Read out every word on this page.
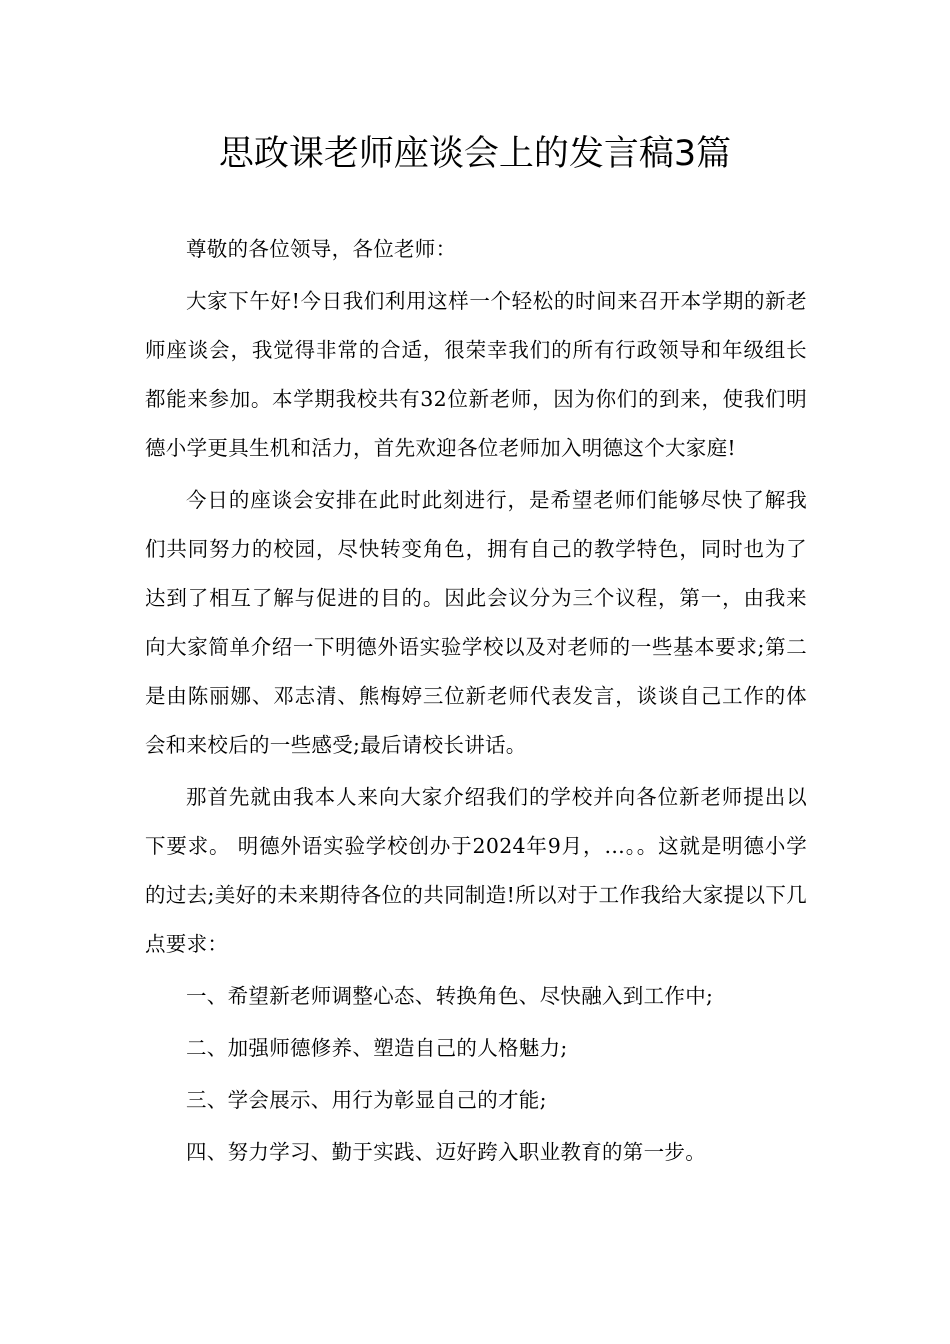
思政课老师座谈会上的发言稿3篇

尊敬的各位领导，各位老师：

大家下午好!今日我们利用这样一个轻松的时间来召开本学期的新老师座谈会，我觉得非常的合适，很荣幸我们的所有行政领导和年级组长都能来参加。本学期我校共有32位新老师，因为你们的到来，使我们明德小学更具生机和活力，首先欢迎各位老师加入明德这个大家庭!

今日的座谈会安排在此时此刻进行，是希望老师们能够尽快了解我们共同努力的校园，尽快转变角色，拥有自己的教学特色，同时也为了达到了相互了解与促进的目的。因此会议分为三个议程，第一，由我来向大家简单介绍一下明德外语实验学校以及对老师的一些基本要求;第二是由陈丽娜、邓志清、熊梅婷三位新老师代表发言，谈谈自己工作的体会和来校后的一些感受;最后请校长讲话。

那首先就由我本人来向大家介绍我们的学校并向各位新老师提出以下要求。 明德外语实验学校创办于2024年9月，…。。这就是明德小学的过去;美好的未来期待各位的共同制造!所以对于工作我给大家提以下几点要求：

一、希望新老师调整心态、转换角色、尽快融入到工作中;

二、加强师德修养、塑造自己的人格魅力;

三、学会展示、用行为彰显自己的才能;

四、努力学习、勤于实践、迈好跨入职业教育的第一步。
